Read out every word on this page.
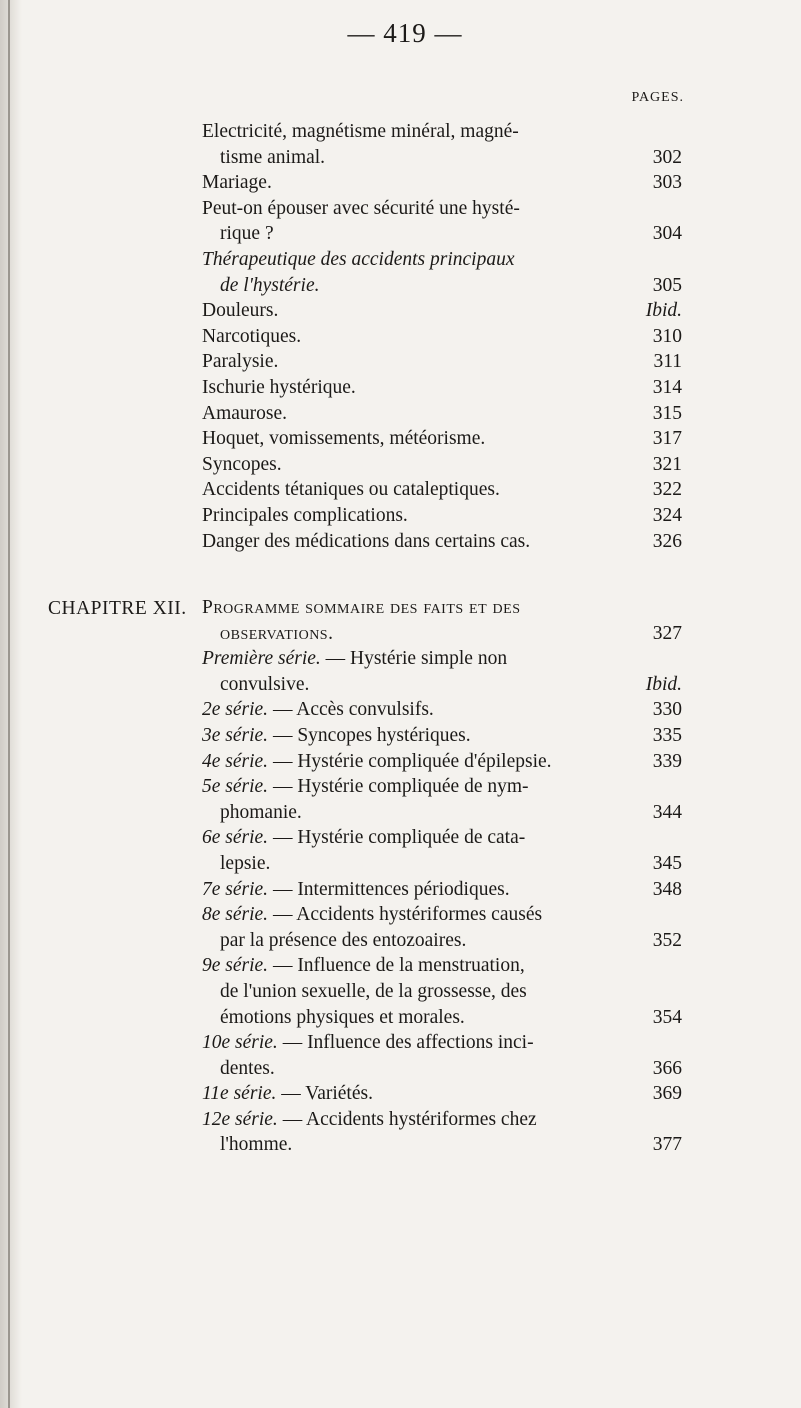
— 419 —
PAGES.
Electricité, magnétisme minéral, magné-
tisme animal.	302
Mariage.	303
Peut-on épouser avec sécurité une hysté-
rique ?	304
Thérapeutique des accidents principaux
de l'hystérie.	305
Douleurs.	Ibid.
Narcotiques.	310
Paralysie.	311
Ischurie hystérique.	314
Amaurose.	315
Hoquet, vomissements, météorisme.	317
Syncopes.	321
Accidents tétaniques ou cataleptiques.	322
Principales complications.	324
Danger des médications dans certains cas.	326
CHAPITRE XII. Programme sommaire des faits et des
observations.	327
Première série. — Hystérie simple non
convulsive.	Ibid.
2e série. — Accès convulsifs.	330
3e série. — Syncopes hystériques.	335
4e série. — Hystérie compliquée d'épilepsie.	339
5e série. — Hystérie compliquée de nym-
phomanie.	344
6e série. — Hystérie compliquée de cata-
lepsie.	345
7e série. — Intermittences périodiques.	348
8e série. — Accidents hystériformes causés
par la présence des entozoaires.	352
9e série. — Influence de la menstruation,
de l'union sexuelle, de la grossesse, des
émotions physiques et morales.	354
10e série. — Influence des affections inci-
dentes.	366
11e série. — Variétés.	369
12e série. — Accidents hystériformes chez
l'homme.	377
